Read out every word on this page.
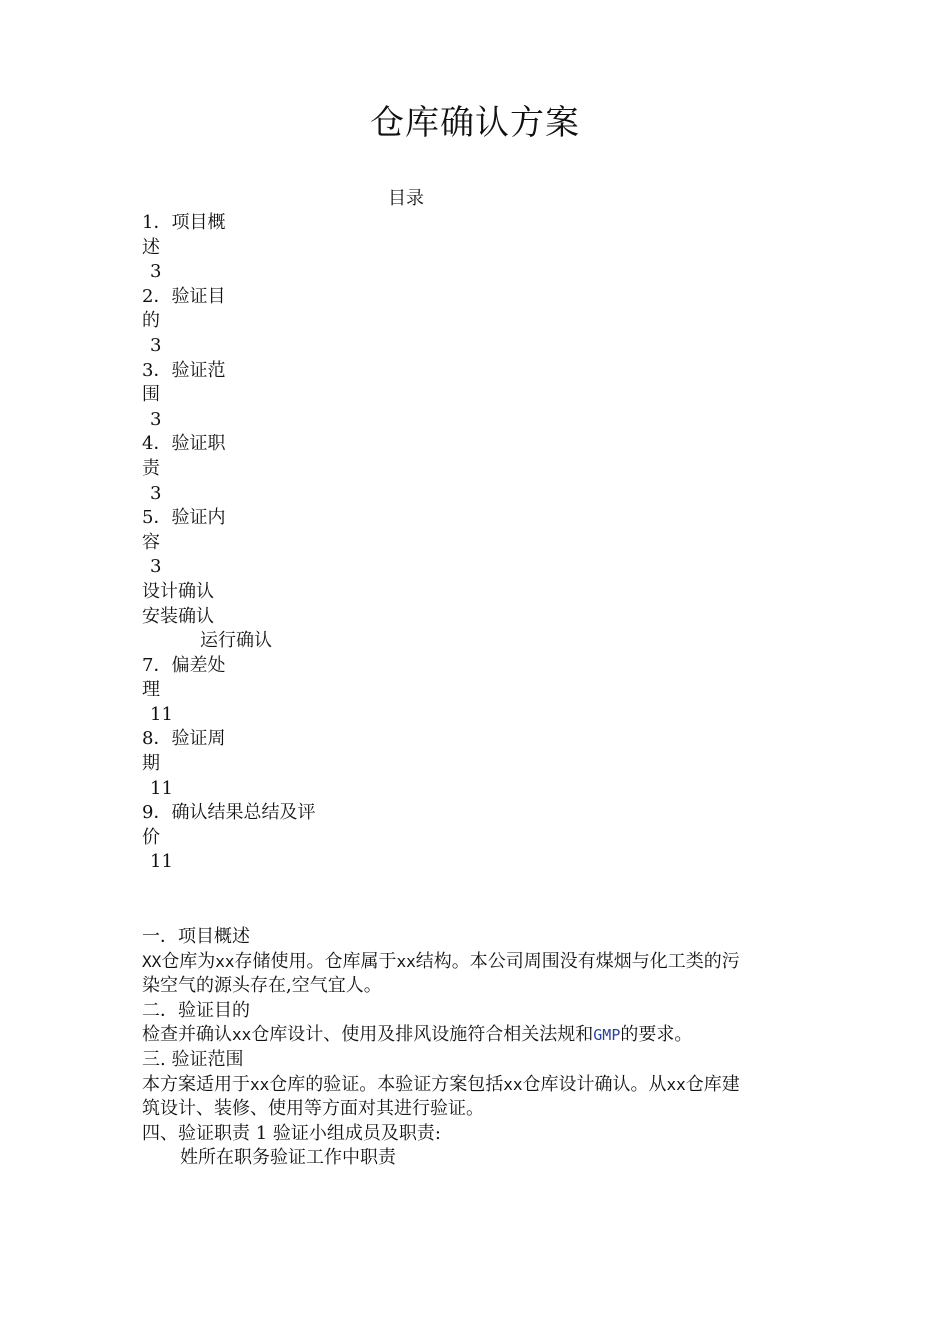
仓库确认方案
目录
1．项目概
述
3
2．验证目
的
3
3．验证范
围
3
4．验证职
责
3
5．验证内
容
3
设计确认
安装确认
运行确认
7．偏差处
理
11
8．验证周
期
11
9．确认结果总结及评
价
11
一．项目概述
XX仓库为xx存储使用。仓库属于xx结构。本公司周围没有煤烟与化工类的污
染空气的源头存在,空气宜人。
二．验证目的
检查并确认xx仓库设计、使用及排风设施符合相关法规和GMP的要求。
三. 验证范围
本方案适用于xx仓库的验证。本验证方案包括xx仓库设计确认。从xx仓库建
筑设计、装修、使用等方面对其进行验证。
四、验证职责 1 验证小组成员及职责:
姓所在职务验证工作中职责
